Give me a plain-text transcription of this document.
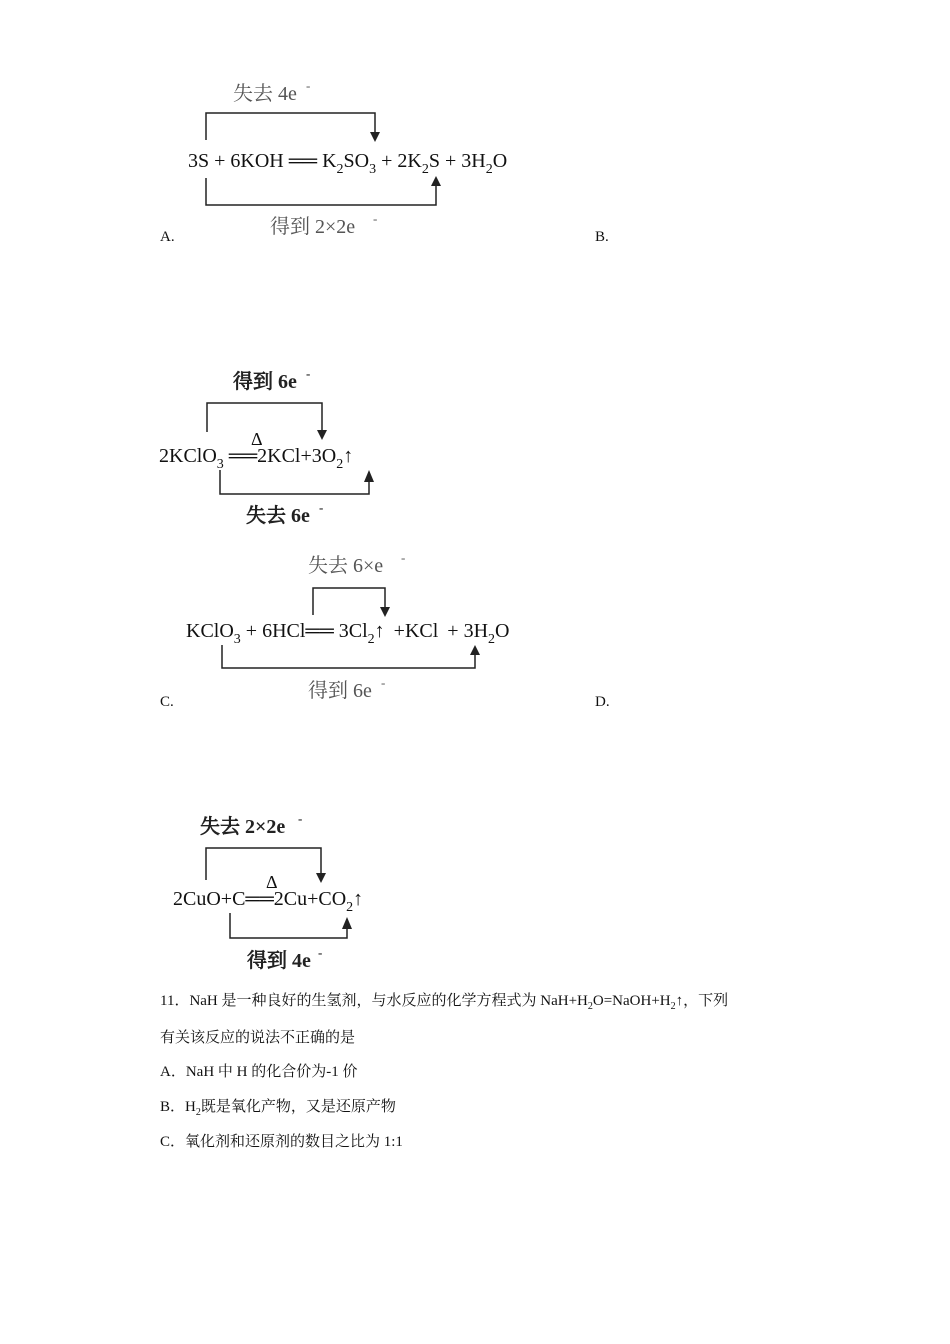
失去 4e -
3S + 6KOH ══ $K_2SO_3 + 2K_2S + 3H_2O$
得到 2×2e -
A.	B.
得到 6e -
Δ
2KClO$_3$ $══2KCl+3O_2↑$
失去 6e -
失去 6×e -
KClO$_3$ + 6HCl══ $3Cl_2↑ +KCl + 3H_2O$
得到 6e -
C.	D.
失去 2×2e -
Δ
$2CuO+C══2Cu+CO_2↑$
得到 4e -
11．NaH 是一种良好的生氢剂，与水反应的化学方程式为 $NaH+H_2O=NaOH+H_2↑$，下列
有关该反应的说法不正确的是
A．NaH 中 H 的化合价为-1 价
B．$H_2$既是氧化产物，又是还原产物
C．氧化剂和还原剂的数目之比为 1:1
